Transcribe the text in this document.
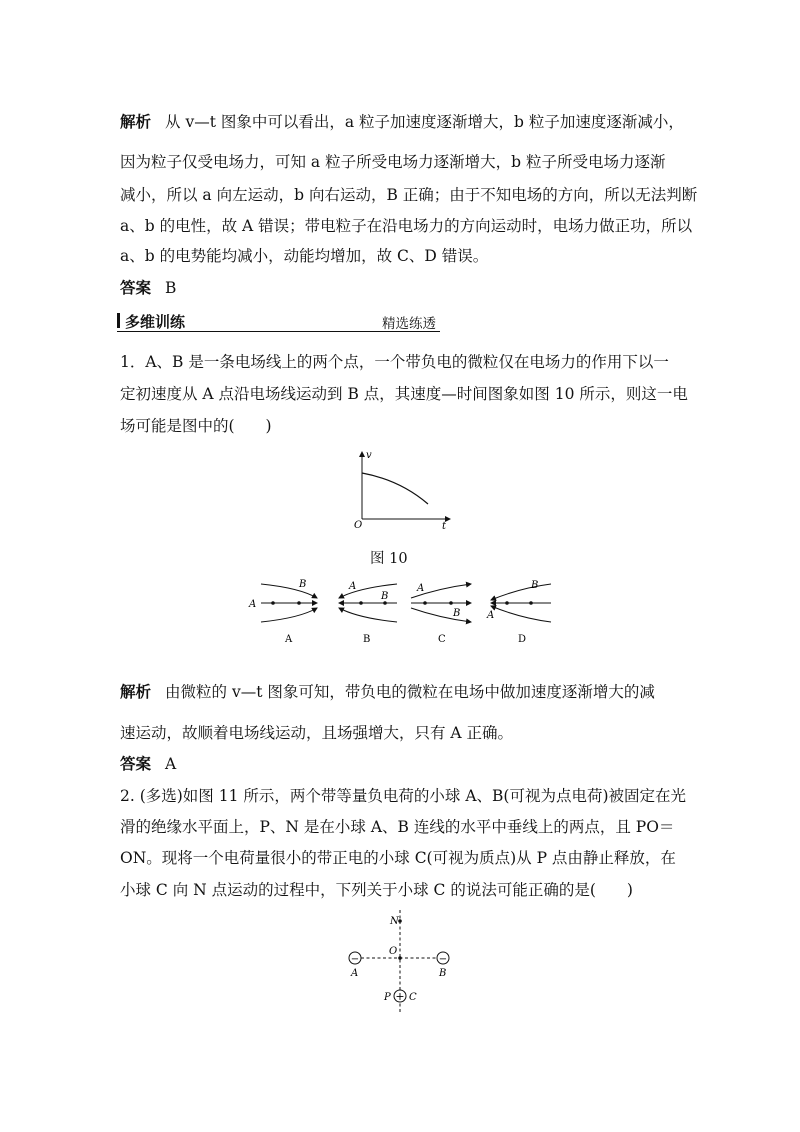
解析 从 v—t 图象中可以看出，a 粒子加速度逐渐增大，b 粒子加速度逐渐减小，
因为粒子仅受电场力，可知 a 粒子所受电场力逐渐增大，b 粒子所受电场力逐渐
减小，所以 a 向左运动，b 向右运动，B 正确；由于不知电场的方向，所以无法判断
a、b 的电性，故 A 错误；带电粒子在沿电场力的方向运动时，电场力做正功，所以
a、b 的电势能均减小，动能均增加，故 C、D 错误。
答案 B
多维训练	精选练透
1．A、B 是一条电场线上的两个点，一个带负电的微粒仅在电场力的作用下以一
定初速度从 A 点沿电场线运动到 B 点，其速度—时间图象如图 10 所示，则这一电
场可能是图中的(　　)
v
t
O
图 10
A
B
A
A
B
B
A
B
C
A
B
D
解析 由微粒的 v—t 图象可知，带负电的微粒在电场中做加速度逐渐增大的减
速运动，故顺着电场线运动，且场强增大，只有 A 正确。
答案 A
2. (多选)如图 11 所示，两个带等量负电荷的小球 A、B(可视为点电荷)被固定在光
滑的绝缘水平面上，P、N 是在小球 A、B 连线的水平中垂线上的两点，且 PO＝
ON。现将一个电荷量很小的带正电的小球 C(可视为质点)从 P 点由静止释放，在
小球 C 向 N 点运动的过程中，下列关于小球 C 的说法可能正确的是(　　)
−	−
+
N
O
A	B
P C
